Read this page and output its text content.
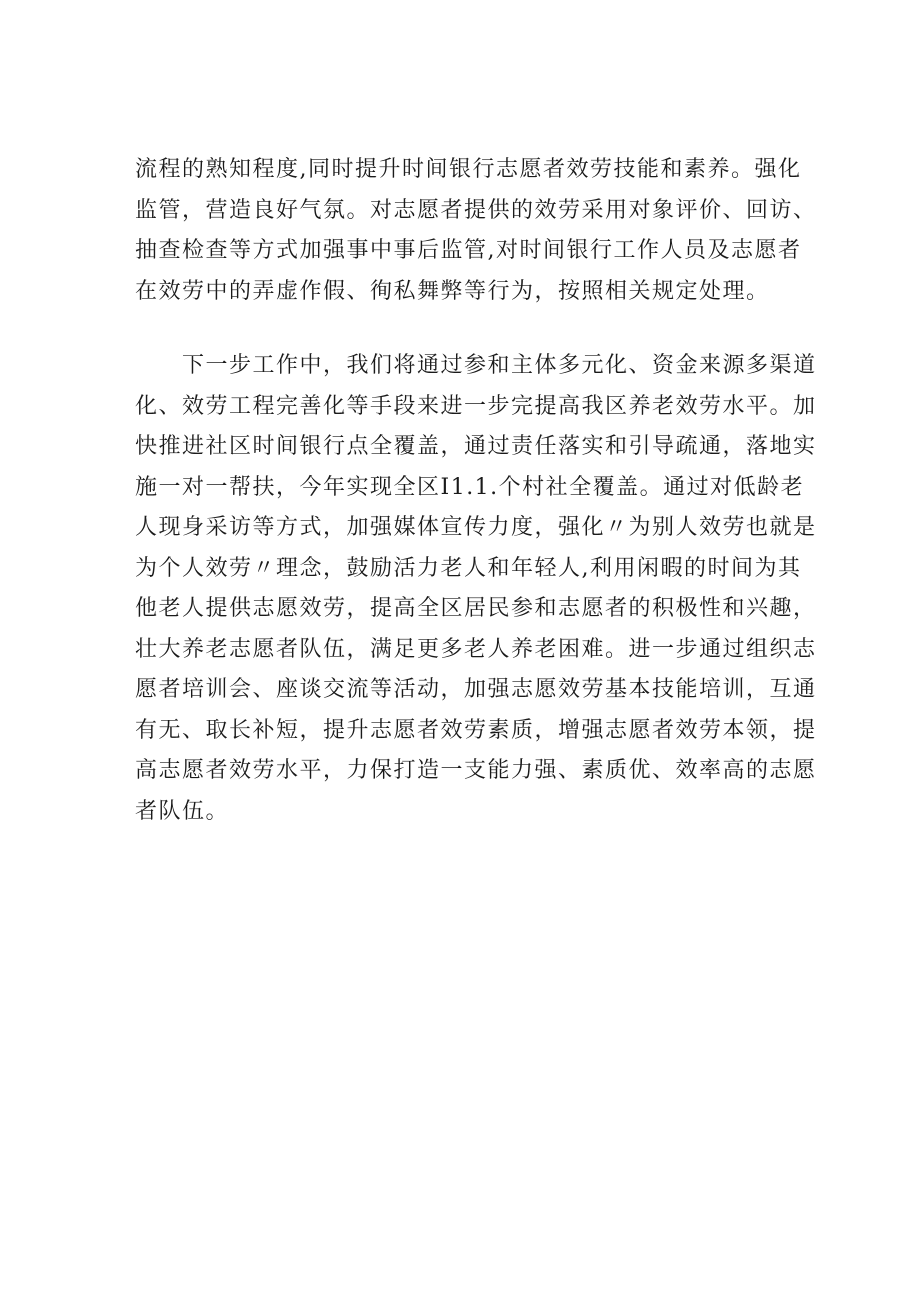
流程的熟知程度,同时提升时间银行志愿者效劳技能和素养。强化
监管，营造良好气氛。对志愿者提供的效劳采用对象评价、回访、
抽查检查等方式加强事中事后监管,对时间银行工作人员及志愿者
在效劳中的弄虚作假、徇私舞弊等行为，按照相关规定处理。

下一步工作中，我们将通过参和主体多元化、资金来源多渠道
化、效劳工程完善化等手段来进一步完提高我区养老效劳水平。加
快推进社区时间银行点全覆盖，通过责任落实和引导疏通，落地实
施一对一帮扶，今年实现全区I1.1.个村社全覆盖。通过对低龄老
人现身采访等方式，加强媒体宣传力度，强化〃为别人效劳也就是
为个人效劳〃理念，鼓励活力老人和年轻人,利用闲暇的时间为其
他老人提供志愿效劳，提高全区居民参和志愿者的积极性和兴趣，
壮大养老志愿者队伍，满足更多老人养老困难。进一步通过组织志
愿者培训会、座谈交流等活动，加强志愿效劳基本技能培训，互通
有无、取长补短，提升志愿者效劳素质，增强志愿者效劳本领，提
高志愿者效劳水平，力保打造一支能力强、素质优、效率高的志愿
者队伍。
